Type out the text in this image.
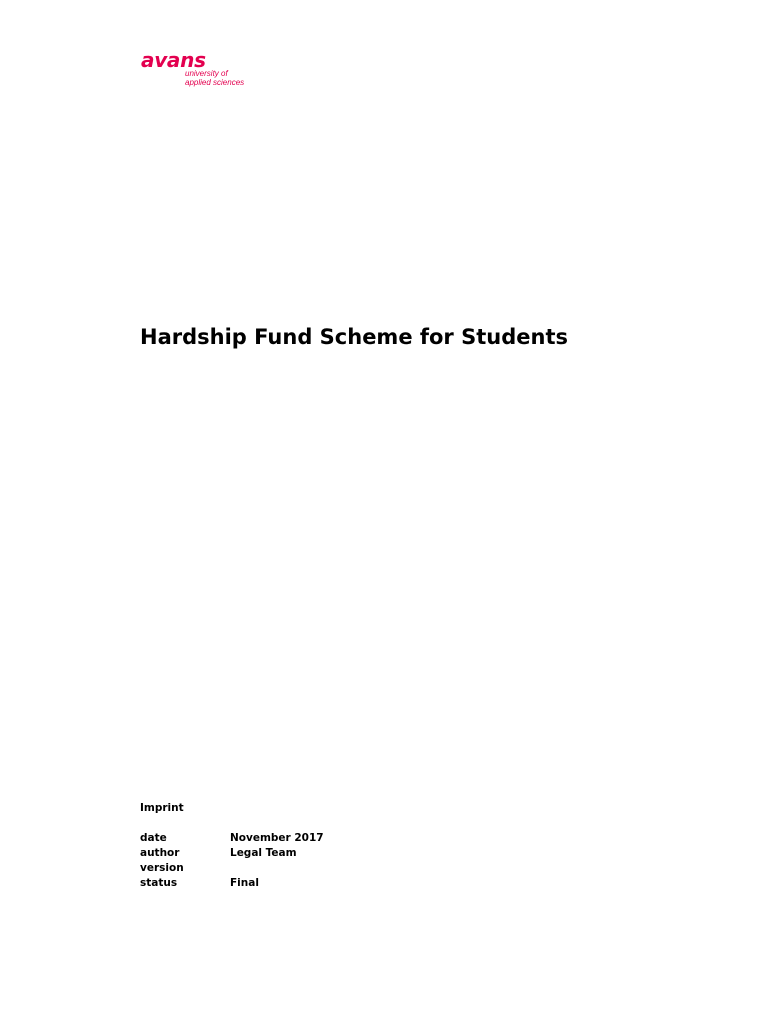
avans
university of
applied sciences
Hardship Fund Scheme for Students
Imprint
date	November 2017
author	Legal Team
version
status	Final
